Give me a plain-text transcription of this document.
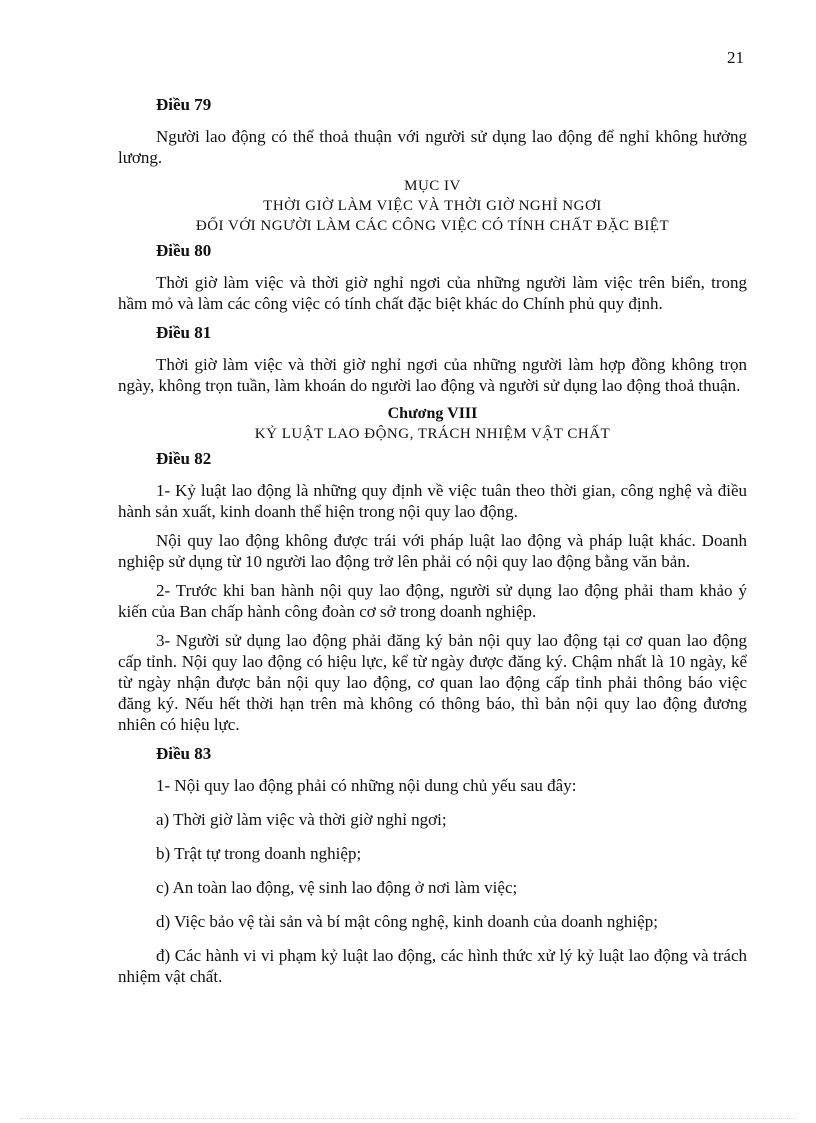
21
Điều 79

Người lao động có thể thoả thuận với người sử dụng lao động để nghỉ không hưởng lương.

MỤC IV
THỜI GIỜ LÀM VIỆC VÀ THỜI GIỜ NGHỈ NGƠI
ĐỐI VỚI NGƯỜI LÀM CÁC CÔNG VIỆC CÓ TÍNH CHẤT ĐẶC BIỆT
Điều 80

Thời giờ làm việc và thời giờ nghỉ ngơi của những người làm việc trên biển, trong hầm mỏ và làm các công việc có tính chất đặc biệt khác do Chính phủ quy định.

Điều 81

Thời giờ làm việc và thời giờ nghỉ ngơi của những người làm hợp đồng không trọn ngày, không trọn tuần, làm khoán do người lao động và người sử dụng lao động thoả thuận.

Chương VIII
KỶ LUẬT LAO ĐỘNG, TRÁCH NHIỆM VẬT CHẤT
Điều 82

1- Kỷ luật lao động là những quy định về việc tuân theo thời gian, công nghệ và điều hành sản xuất, kinh doanh thể hiện trong nội quy lao động.

Nội quy lao động không được trái với pháp luật lao động và pháp luật khác. Doanh nghiệp sử dụng từ 10 người lao động trở lên phải có nội quy lao động bằng văn bản.

2- Trước khi ban hành nội quy lao động, người sử dụng lao động phải tham khảo ý kiến của Ban chấp hành công đoàn cơ sở trong doanh nghiệp.

3- Người sử dụng lao động phải đăng ký bản nội quy lao động tại cơ quan lao động cấp tỉnh. Nội quy lao động có hiệu lực, kể từ ngày được đăng ký. Chậm nhất là 10 ngày, kể từ ngày nhận được bản nội quy lao động, cơ quan lao động cấp tỉnh phải thông báo việc đăng ký. Nếu hết thời hạn trên mà không có thông báo, thì bản nội quy lao động đương nhiên có hiệu lực.

Điều 83

1- Nội quy lao động phải có những nội dung chủ yếu sau đây:

a) Thời giờ làm việc và thời giờ nghỉ ngơi;

b) Trật tự trong doanh nghiệp;

c) An toàn lao động, vệ sinh lao động ở nơi làm việc;

d) Việc bảo vệ tài sản và bí mật công nghệ, kinh doanh của doanh nghiệp;

đ) Các hành vi vi phạm kỷ luật lao động, các hình thức xử lý kỷ luật lao động và trách nhiệm vật chất.
